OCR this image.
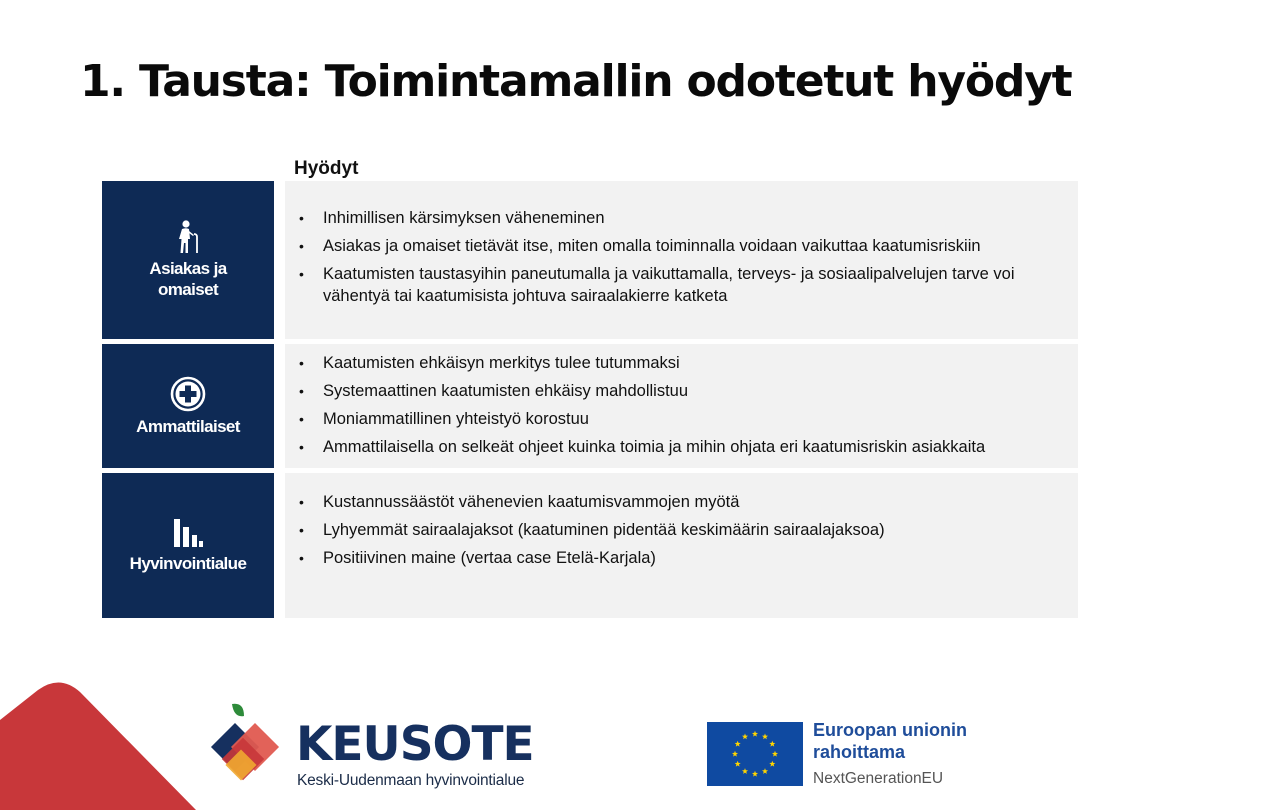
1. Tausta: Toimintamallin odotetut hyödyt
Hyödyt
Asiakas ja
omaiset
• Inhimillisen kärsimyksen väheneminen
• Asiakas ja omaiset tietävät itse, miten omalla toiminnalla voidaan vaikuttaa kaatumisriskiin
• Kaatumisten taustasyihin paneutumalla ja vaikuttamalla, terveys- ja sosiaalipalvelujen tarve voi vähentyä tai kaatumisista johtuva sairaalakierre katketa
Ammattilaiset
• Kaatumisten ehkäisyn merkitys tulee tutummaksi
• Systemaattinen kaatumisten ehkäisy mahdollistuu
• Moniammatillinen yhteistyö korostuu
• Ammattilaisella on selkeät ohjeet kuinka toimia ja mihin ohjata eri kaatumisriskin asiakkaita
Hyvinvointialue
• Kustannussäästöt vähenevien kaatumisvammojen myötä
• Lyhyemmät sairaalajaksot (kaatuminen pidentää keskimäärin sairaalajaksoa)
• Positiivinen maine (vertaa case Etelä-Karjala)
KEUSOTE
Keski-Uudenmaan hyvinvointialue
Euroopan unionin
rahoittama
NextGenerationEU
